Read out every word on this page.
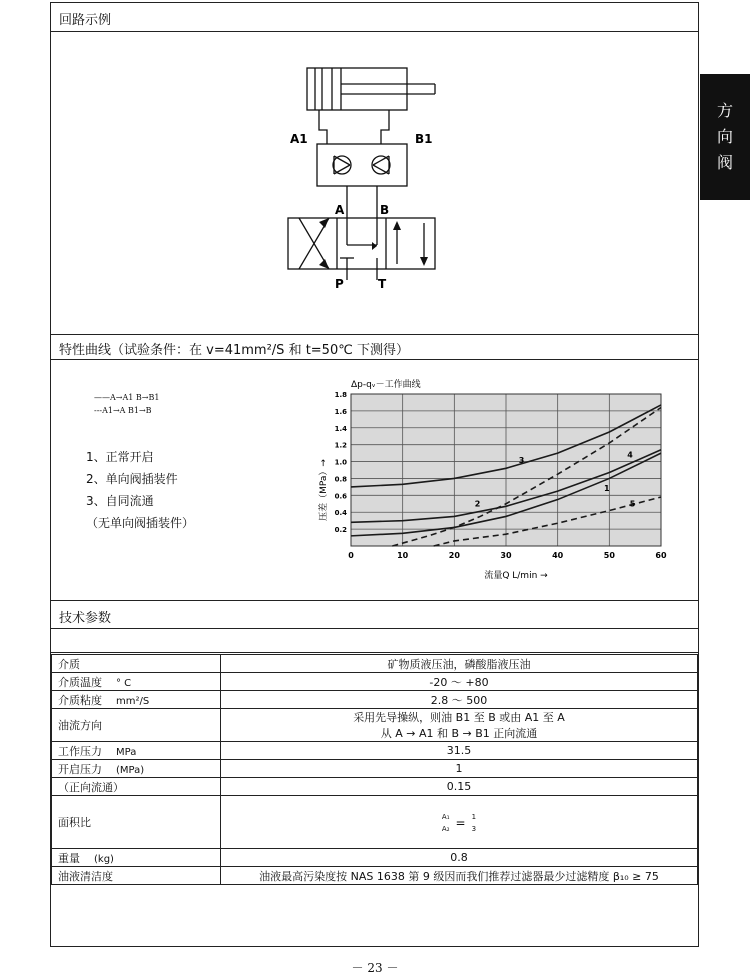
方
向
阀
回路示例
A1	B1
A	B
P	T
特性曲线（试验条件：在 v=41mm²/S 和 t=50℃ 下测得）
技术参数
——A→A1 B→B1
---A1→A B1→B
1、正常开启
2、单向阀插装件
3、自同流通
（无单向阀插装件）
0	10	20	30	40	50	60
0.2
0.4
0.6
0.8
1.0
1.2
1.4
1.6
1.8
3
4
2
1
5
Δp-qᵥ－工作曲线
流量Q L/min →
压差（MPa）→
介质	矿物质液压油，磷酸脂液压油

介质温度 ° C	-20 ～ +80

介质粘度 mm²/S	2.8 ～ 500

油流方向	采用先导操纵，则油 B1 至 B 或由 A1 至 A
从 A → A1 和 B → B1 正向流通

工作压力 MPa	31.5

开启压力 (MPa)	1

（正向流通）	0.15

面积比	A₁
A₂ = 1
3

重量 (kg)	0.8

油液清洁度	油液最高污染度按 NAS 1638 第 9 级因而我们推荐过滤器最少过滤精度 β₁₀ ≥ 75
－ 23 －
